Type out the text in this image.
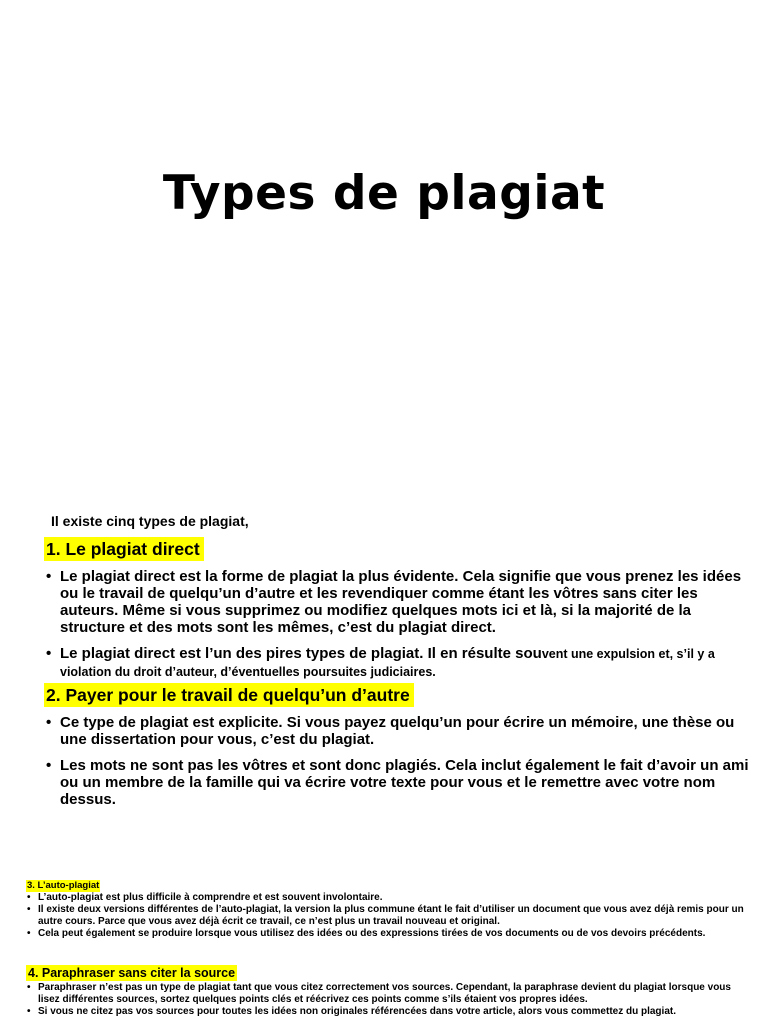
Types de plagiat
Il existe cinq types de plagiat,
1. Le plagiat direct
• Le plagiat direct est la forme de plagiat la plus évidente. Cela signifie que vous prenez les idées ou le travail de quelqu’un d’autre et les revendiquer comme étant les vôtres sans citer les auteurs. Même si vous supprimez ou modifiez quelques mots ici et là, si la majorité de la structure et des mots sont les mêmes, c’est du plagiat direct.
• Le plagiat direct est l’un des pires types de plagiat. Il en résulte souvent une expulsion et, s’il y a violation du droit d’auteur, d’éventuelles poursuites judiciaires.
2. Payer pour le travail de quelqu’un d’autre
• Ce type de plagiat est explicite. Si vous payez quelqu’un pour écrire un mémoire, une thèse ou une dissertation pour vous, c’est du plagiat.
• Les mots ne sont pas les vôtres et sont donc plagiés. Cela inclut également le fait d’avoir un ami ou un membre de la famille qui va écrire votre texte pour vous et le remettre avec votre nom dessus.
3. L’auto-plagiat
• L’auto-plagiat est plus difficile à comprendre et est souvent involontaire.
• Il existe deux versions différentes de l’auto-plagiat, la version la plus commune étant le fait d’utiliser un document que vous avez déjà remis pour un autre cours. Parce que vous avez déjà écrit ce travail, ce n’est plus un travail nouveau et original.
• Cela peut également se produire lorsque vous utilisez des idées ou des expressions tirées de vos documents ou de vos devoirs précédents.
4. Paraphraser sans citer la source
• Paraphraser n’est pas un type de plagiat tant que vous citez correctement vos sources. Cependant, la paraphrase devient du plagiat lorsque vous lisez différentes sources, sortez quelques points clés et réécrivez ces points comme s’ils étaient vos propres idées.
• Si vous ne citez pas vos sources pour toutes les idées non originales référencées dans votre article, alors vous commettez du plagiat.
